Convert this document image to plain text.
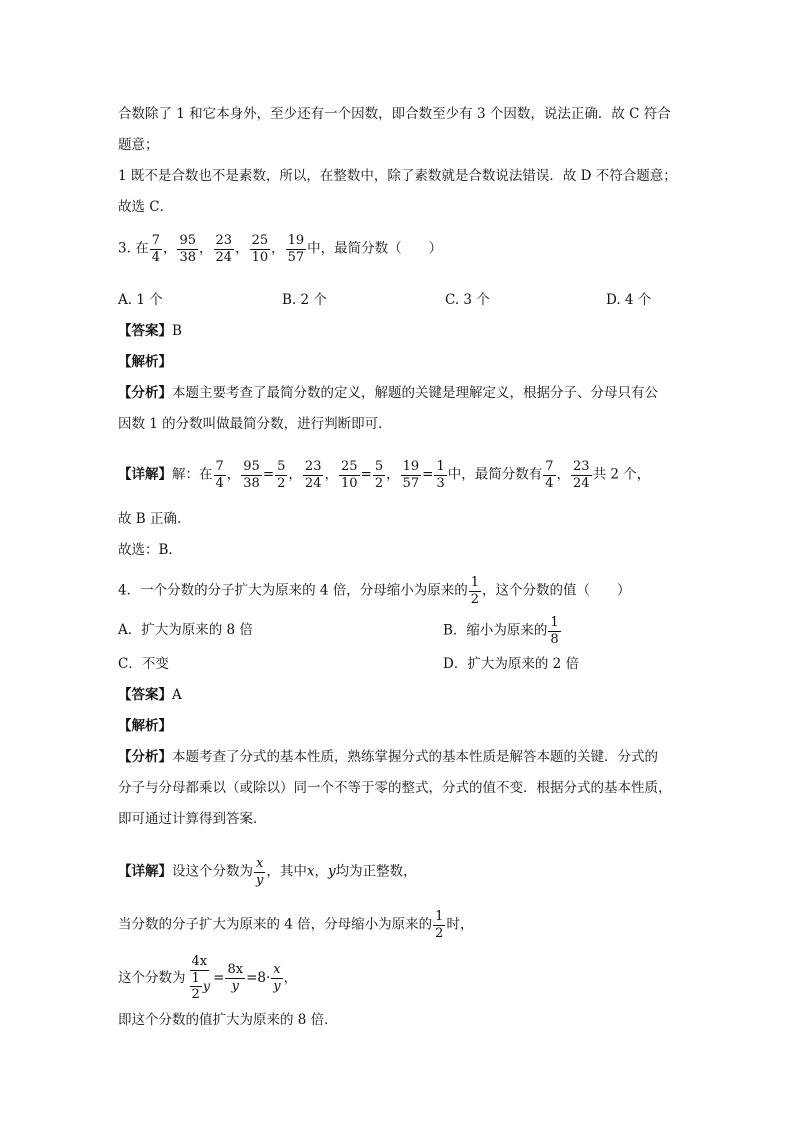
合数除了 1 和它本身外，至少还有一个因数，即合数至少有 3 个因数，说法正确．故 C 符合
题意；
1 既不是合数也不是素数，所以，在整数中，除了素数就是合数说法错误．故 D 不符合题意；
故选 C．
3. 在 $\frac{7}{4}$ ， $\frac{95}{38}$ ， $\frac{23}{24}$ ， $\frac{25}{10}$ ， $\frac{19}{57}$ 中，最简分数（　　）
A. 1 个	B. 2 个	C. 3 个	D. 4 个
【答案】B
【解析】
【分析】本题主要考查了最简分数的定义，解题的关键是理解定义，根据分子、分母只有公
因数 1 的分数叫做最简分数，进行判断即可．
【详解】解：在 $\frac{7}{4}$ ， $\frac{95}{38} = \frac{5}{2}$ ， $\frac{23}{24}$ ， $\frac{25}{10} = \frac{5}{2}$ ， $\frac{19}{57} = \frac{1}{3}$ 中，最简分数有 $\frac{7}{4}$ ， $\frac{23}{24}$ 共 2 个，
故 B 正确．
故选：B．
4．一个分数的分子扩大为原来的 4 倍，分母缩小为原来的 $\frac{1}{2}$ ，这个分数的值（　　）
A．扩大为原来的 8 倍	B．缩小为原来的 $\frac{1}{8}$
C．不变	D．扩大为原来的 2 倍
【答案】A
【解析】
【分析】本题考查了分式的基本性质，熟练掌握分式的基本性质是解答本题的关键．分式的
分子与分母都乘以（或除以）同一个不等于零的整式，分式的值不变．根据分式的基本性质，
即可通过计算得到答案．
【详解】设这个分数为 $\frac{x}{y}$ ，其中x，y均为正整数，
当分数的分子扩大为原来的 4 倍，分母缩小为原来的 $\frac{1}{2}$ 时，
这个分数为 $\frac{4x}{\frac{1}{2} y} = \frac{8x}{y} =8\cdot \frac{x}{y}$ ，
即这个分数的值扩大为原来的 8 倍．
